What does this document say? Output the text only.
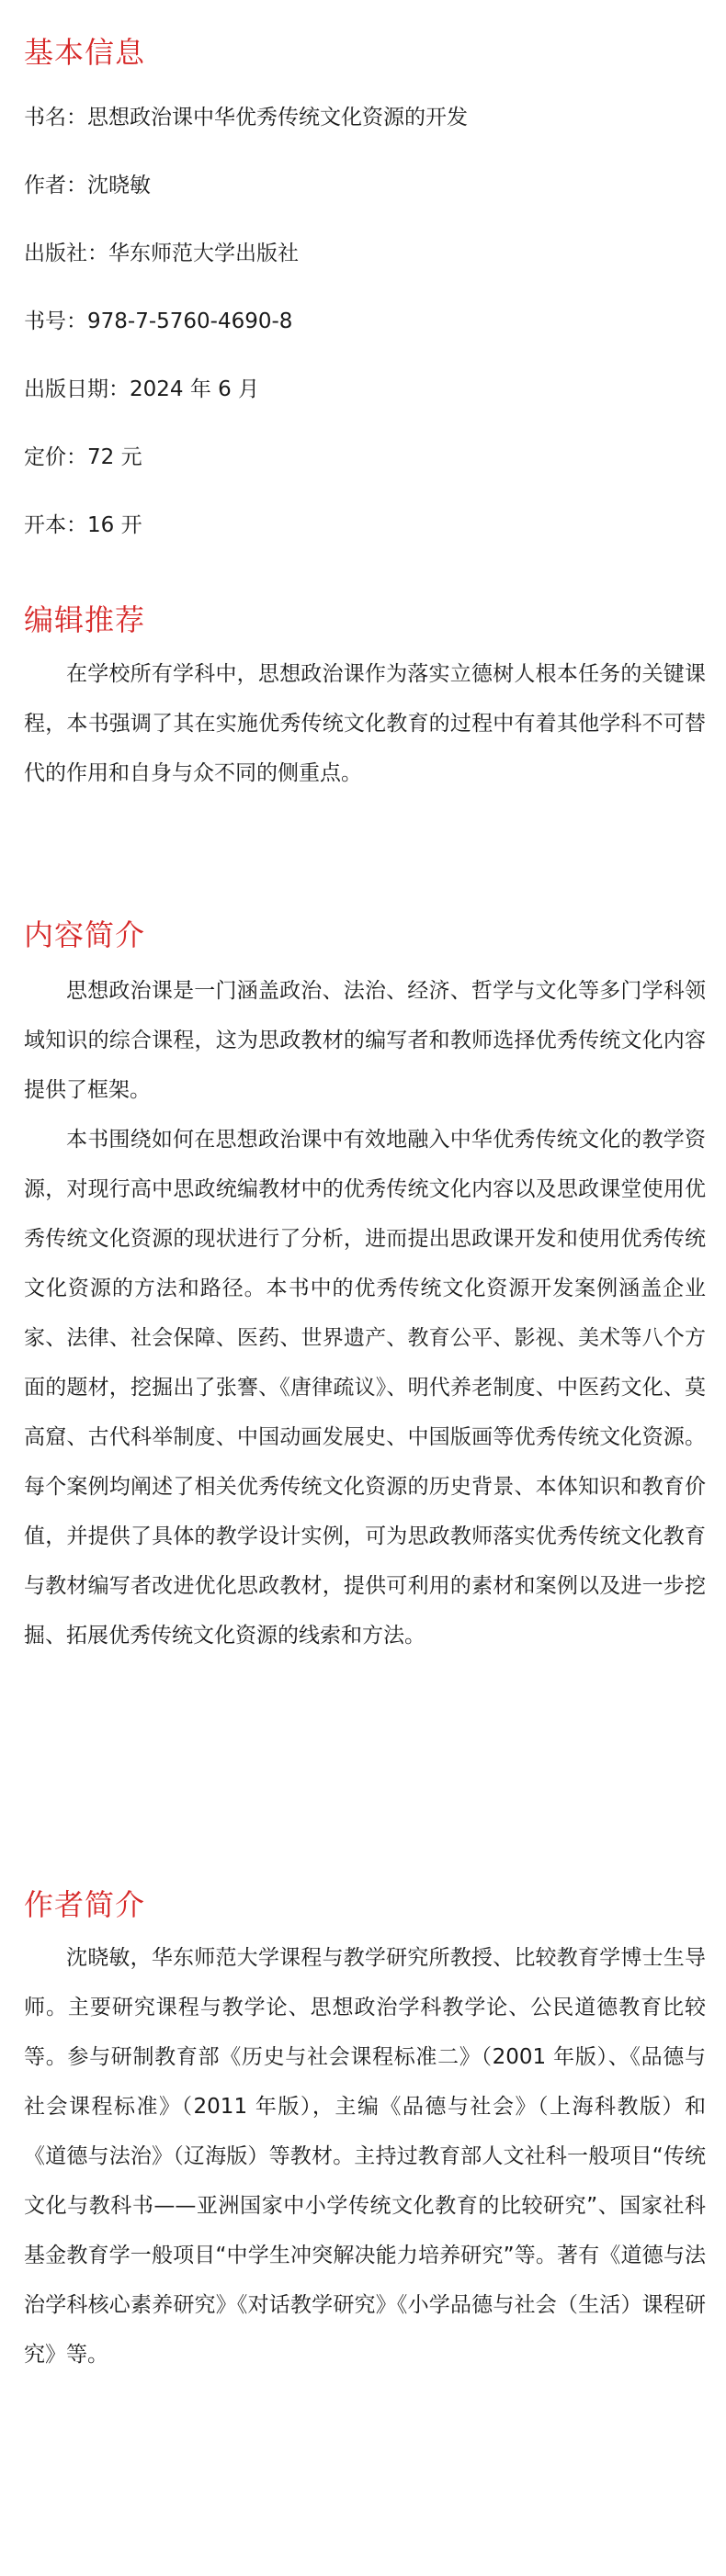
基本信息

书名：思想政治课中华优秀传统文化资源的开发

作者：沈晓敏

出版社：华东师范大学出版社

书号：978-7-5760-4690-8

出版日期：2024 年 6 月

定价：72 元

开本：16 开

编辑推荐

在学校所有学科中，思想政治课作为落实立德树人根本任务的关键课程，本书强调了其在实施优秀传统文化教育的过程中有着其他学科不可替代的作用和自身与众不同的侧重点。

内容简介

思想政治课是一门涵盖政治、法治、经济、哲学与文化等多门学科领域知识的综合课程，这为思政教材的编写者和教师选择优秀传统文化内容提供了框架。

本书围绕如何在思想政治课中有效地融入中华优秀传统文化的教学资源，对现行高中思政统编教材中的优秀传统文化内容以及思政课堂使用优秀传统文化资源的现状进行了分析，进而提出思政课开发和使用优秀传统文化资源的方法和路径。本书中的优秀传统文化资源开发案例涵盖企业家、法律、社会保障、医药、世界遗产、教育公平、影视、美术等八个方面的题材，挖掘出了张謇、《唐律疏议》、明代养老制度、中医药文化、莫高窟、古代科举制度、中国动画发展史、中国版画等优秀传统文化资源。每个案例均阐述了相关优秀传统文化资源的历史背景、本体知识和教育价值，并提供了具体的教学设计实例，可为思政教师落实优秀传统文化教育与教材编写者改进优化思政教材，提供可利用的素材和案例以及进一步挖掘、拓展优秀传统文化资源的线索和方法。

作者简介

沈晓敏，华东师范大学课程与教学研究所教授、比较教育学博士生导师。主要研究课程与教学论、思想政治学科教学论、公民道德教育比较等。参与研制教育部《历史与社会课程标准二》（2001 年版）、《品德与社会课程标准》（2011 年版），主编《品德与社会》（上海科教版）和《道德与法治》（辽海版）等教材。主持过教育部人文社科一般项目“传统文化与教科书——亚洲国家中小学传统文化教育的比较研究”、国家社科基金教育学一般项目“中学生冲突解决能力培养研究”等。著有《道德与法治学科核心素养研究》《对话教学研究》《小学品德与社会（生活）课程研究》等。
